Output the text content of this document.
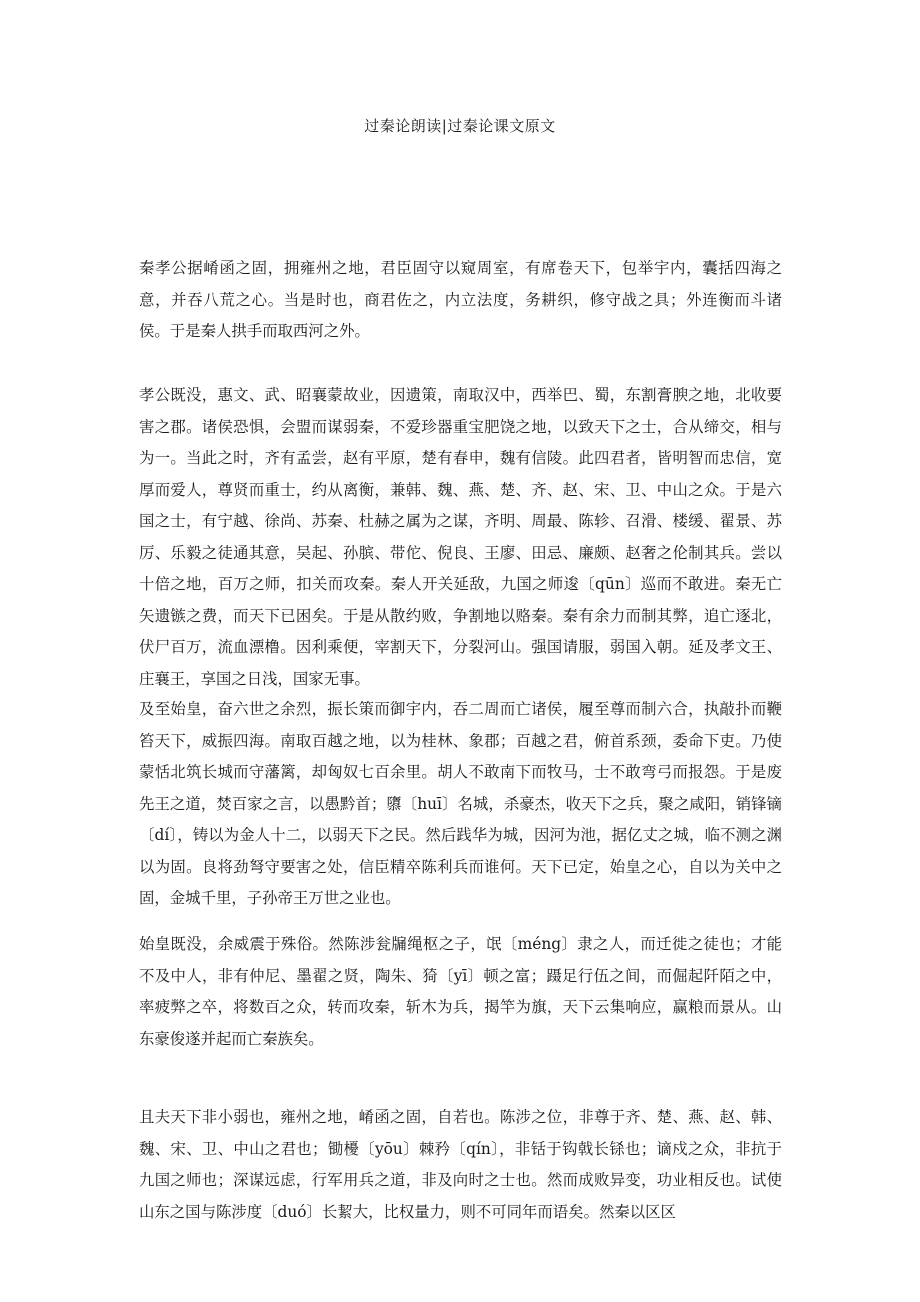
过秦论朗读|过秦论课文原文

秦孝公据崤函之固，拥雍州之地，君臣固守以窥周室，有席卷天下，包举宇内，囊括四海之意，并吞八荒之心。当是时也，商君佐之，内立法度，务耕织，修守战之具；外连衡而斗诸侯。于是秦人拱手而取西河之外。

孝公既没，惠文、武、昭襄蒙故业，因遗策，南取汉中，西举巴、蜀，东割膏腴之地，北收要害之郡。诸侯恐惧，会盟而谋弱秦，不爱珍器重宝肥饶之地，以致天下之士，合从缔交，相与为一。当此之时，齐有孟尝，赵有平原，楚有春申，魏有信陵。此四君者，皆明智而忠信，宽厚而爱人，尊贤而重士，约从离衡，兼韩、魏、燕、楚、齐、赵、宋、卫、中山之众。于是六国之士，有宁越、徐尚、苏秦、杜赫之属为之谋，齐明、周最、陈轸、召滑、楼缓、翟景、苏厉、乐毅之徒通其意，吴起、孙膑、带佗、倪良、王廖、田忌、廉颇、赵奢之伦制其兵。尝以十倍之地，百万之师，扣关而攻秦。秦人开关延敌，九国之师逡〔qūn〕巡而不敢进。秦无亡矢遗镞之费，而天下已困矣。于是从散约败，争割地以赂秦。秦有余力而制其弊，追亡逐北，伏尸百万，流血漂橹。因利乘便，宰割天下，分裂河山。强国请服，弱国入朝。延及孝文王、庄襄王，享国之日浅，国家无事。

及至始皇，奋六世之余烈，振长策而御宇内，吞二周而亡诸侯，履至尊而制六合，执敲扑而鞭笞天下，威振四海。南取百越之地，以为桂林、象郡；百越之君，俯首系颈，委命下吏。乃使蒙恬北筑长城而守藩篱，却匈奴七百余里。胡人不敢南下而牧马，士不敢弯弓而报怨。于是废先王之道，焚百家之言，以愚黔首；隳〔huī〕名城，杀豪杰，收天下之兵，聚之咸阳，销锋镝〔dí〕，铸以为金人十二，以弱天下之民。然后践华为城，因河为池，据亿丈之城，临不测之渊以为固。良将劲弩守要害之处，信臣精卒陈利兵而谁何。天下已定，始皇之心，自以为关中之固，金城千里，子孙帝王万世之业也。

始皇既没，余威震于殊俗。然陈涉瓮牖绳枢之子，氓〔méng〕隶之人，而迁徙之徒也；才能不及中人，非有仲尼、墨翟之贤，陶朱、猗〔yī〕顿之富；蹑足行伍之间，而倔起阡陌之中，率疲弊之卒，将数百之众，转而攻秦，斩木为兵，揭竿为旗，天下云集响应，赢粮而景从。山东豪俊遂并起而亡秦族矣。

且夫天下非小弱也，雍州之地，崤函之固，自若也。陈涉之位，非尊于齐、楚、燕、赵、韩、魏、宋、卫、中山之君也；锄櫌〔yōu〕棘矜〔qín〕，非铦于钩戟长铩也；谪戍之众，非抗于九国之师也；深谋远虑，行军用兵之道，非及向时之士也。然而成败异变，功业相反也。试使山东之国与陈涉度〔duó〕长絜大，比权量力，则不可同年而语矣。然秦以区区
